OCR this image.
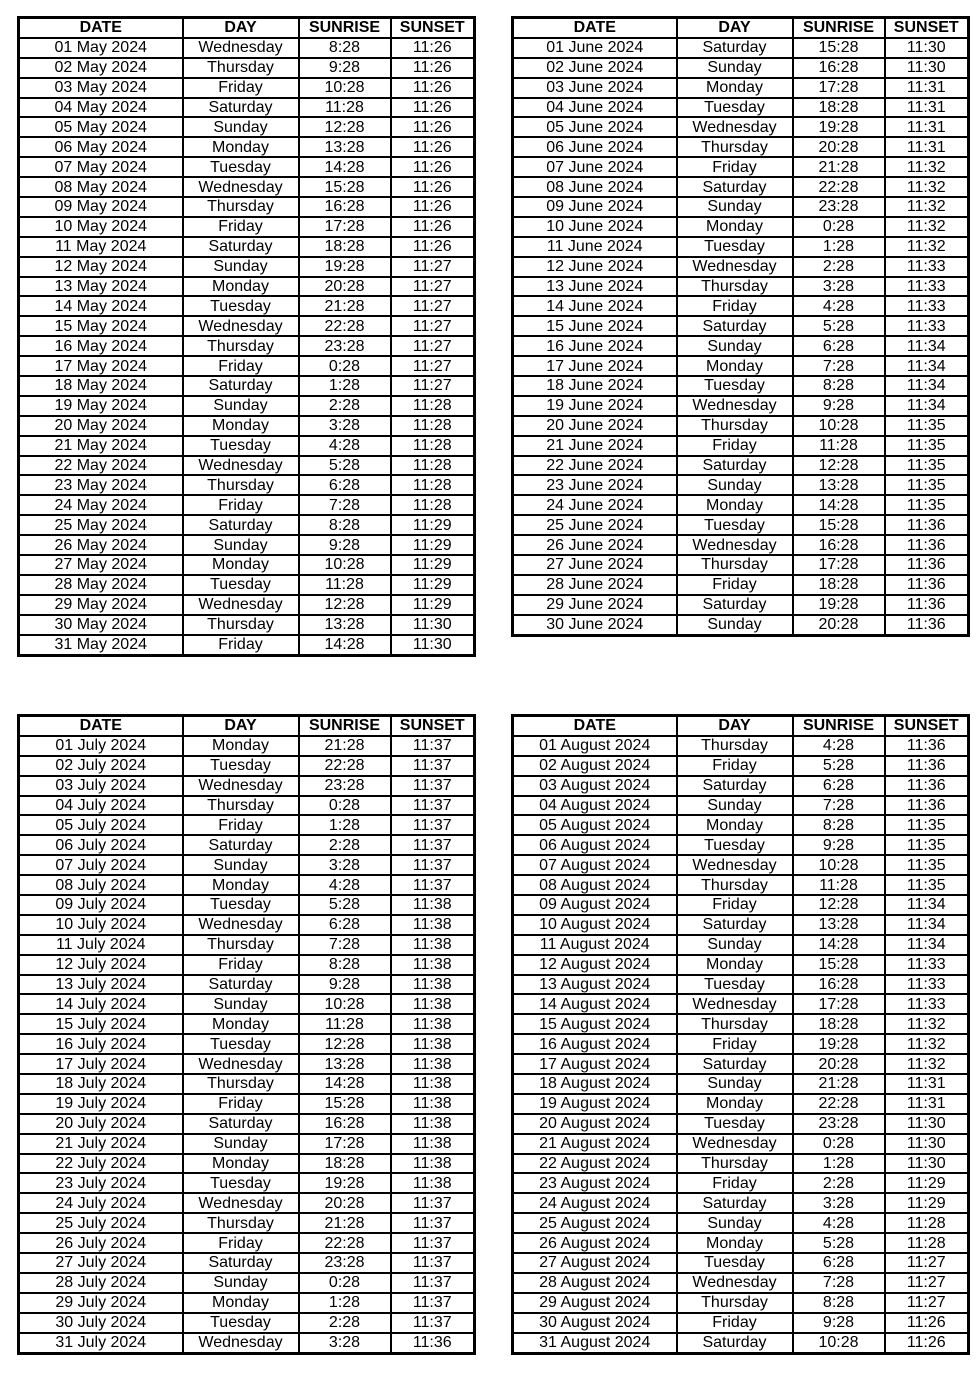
DATE	DAY	SUNRISE	SUNSET
01 May 2024	Wednesday	8:28	11:26
02 May 2024	Thursday	9:28	11:26
03 May 2024	Friday	10:28	11:26
04 May 2024	Saturday	11:28	11:26
05 May 2024	Sunday	12:28	11:26
06 May 2024	Monday	13:28	11:26
07 May 2024	Tuesday	14:28	11:26
08 May 2024	Wednesday	15:28	11:26
09 May 2024	Thursday	16:28	11:26
10 May 2024	Friday	17:28	11:26
11 May 2024	Saturday	18:28	11:26
12 May 2024	Sunday	19:28	11:27
13 May 2024	Monday	20:28	11:27
14 May 2024	Tuesday	21:28	11:27
15 May 2024	Wednesday	22:28	11:27
16 May 2024	Thursday	23:28	11:27
17 May 2024	Friday	0:28	11:27
18 May 2024	Saturday	1:28	11:27
19 May 2024	Sunday	2:28	11:28
20 May 2024	Monday	3:28	11:28
21 May 2024	Tuesday	4:28	11:28
22 May 2024	Wednesday	5:28	11:28
23 May 2024	Thursday	6:28	11:28
24 May 2024	Friday	7:28	11:28
25 May 2024	Saturday	8:28	11:29
26 May 2024	Sunday	9:28	11:29
27 May 2024	Monday	10:28	11:29
28 May 2024	Tuesday	11:28	11:29
29 May 2024	Wednesday	12:28	11:29
30 May 2024	Thursday	13:28	11:30
31 May 2024	Friday	14:28	11:30
DATE	DAY	SUNRISE	SUNSET
01 June 2024	Saturday	15:28	11:30
02 June 2024	Sunday	16:28	11:30
03 June 2024	Monday	17:28	11:31
04 June 2024	Tuesday	18:28	11:31
05 June 2024	Wednesday	19:28	11:31
06 June 2024	Thursday	20:28	11:31
07 June 2024	Friday	21:28	11:32
08 June 2024	Saturday	22:28	11:32
09 June 2024	Sunday	23:28	11:32
10 June 2024	Monday	0:28	11:32
11 June 2024	Tuesday	1:28	11:32
12 June 2024	Wednesday	2:28	11:33
13 June 2024	Thursday	3:28	11:33
14 June 2024	Friday	4:28	11:33
15 June 2024	Saturday	5:28	11:33
16 June 2024	Sunday	6:28	11:34
17 June 2024	Monday	7:28	11:34
18 June 2024	Tuesday	8:28	11:34
19 June 2024	Wednesday	9:28	11:34
20 June 2024	Thursday	10:28	11:35
21 June 2024	Friday	11:28	11:35
22 June 2024	Saturday	12:28	11:35
23 June 2024	Sunday	13:28	11:35
24 June 2024	Monday	14:28	11:35
25 June 2024	Tuesday	15:28	11:36
26 June 2024	Wednesday	16:28	11:36
27 June 2024	Thursday	17:28	11:36
28 June 2024	Friday	18:28	11:36
29 June 2024	Saturday	19:28	11:36
30 June 2024	Sunday	20:28	11:36
DATE	DAY	SUNRISE	SUNSET
01 July 2024	Monday	21:28	11:37
02 July 2024	Tuesday	22:28	11:37
03 July 2024	Wednesday	23:28	11:37
04 July 2024	Thursday	0:28	11:37
05 July 2024	Friday	1:28	11:37
06 July 2024	Saturday	2:28	11:37
07 July 2024	Sunday	3:28	11:37
08 July 2024	Monday	4:28	11:37
09 July 2024	Tuesday	5:28	11:38
10 July 2024	Wednesday	6:28	11:38
11 July 2024	Thursday	7:28	11:38
12 July 2024	Friday	8:28	11:38
13 July 2024	Saturday	9:28	11:38
14 July 2024	Sunday	10:28	11:38
15 July 2024	Monday	11:28	11:38
16 July 2024	Tuesday	12:28	11:38
17 July 2024	Wednesday	13:28	11:38
18 July 2024	Thursday	14:28	11:38
19 July 2024	Friday	15:28	11:38
20 July 2024	Saturday	16:28	11:38
21 July 2024	Sunday	17:28	11:38
22 July 2024	Monday	18:28	11:38
23 July 2024	Tuesday	19:28	11:38
24 July 2024	Wednesday	20:28	11:37
25 July 2024	Thursday	21:28	11:37
26 July 2024	Friday	22:28	11:37
27 July 2024	Saturday	23:28	11:37
28 July 2024	Sunday	0:28	11:37
29 July 2024	Monday	1:28	11:37
30 July 2024	Tuesday	2:28	11:37
31 July 2024	Wednesday	3:28	11:36
DATE	DAY	SUNRISE	SUNSET
01 August 2024	Thursday	4:28	11:36
02 August 2024	Friday	5:28	11:36
03 August 2024	Saturday	6:28	11:36
04 August 2024	Sunday	7:28	11:36
05 August 2024	Monday	8:28	11:35
06 August 2024	Tuesday	9:28	11:35
07 August 2024	Wednesday	10:28	11:35
08 August 2024	Thursday	11:28	11:35
09 August 2024	Friday	12:28	11:34
10 August 2024	Saturday	13:28	11:34
11 August 2024	Sunday	14:28	11:34
12 August 2024	Monday	15:28	11:33
13 August 2024	Tuesday	16:28	11:33
14 August 2024	Wednesday	17:28	11:33
15 August 2024	Thursday	18:28	11:32
16 August 2024	Friday	19:28	11:32
17 August 2024	Saturday	20:28	11:32
18 August 2024	Sunday	21:28	11:31
19 August 2024	Monday	22:28	11:31
20 August 2024	Tuesday	23:28	11:30
21 August 2024	Wednesday	0:28	11:30
22 August 2024	Thursday	1:28	11:30
23 August 2024	Friday	2:28	11:29
24 August 2024	Saturday	3:28	11:29
25 August 2024	Sunday	4:28	11:28
26 August 2024	Monday	5:28	11:28
27 August 2024	Tuesday	6:28	11:27
28 August 2024	Wednesday	7:28	11:27
29 August 2024	Thursday	8:28	11:27
30 August 2024	Friday	9:28	11:26
31 August 2024	Saturday	10:28	11:26
